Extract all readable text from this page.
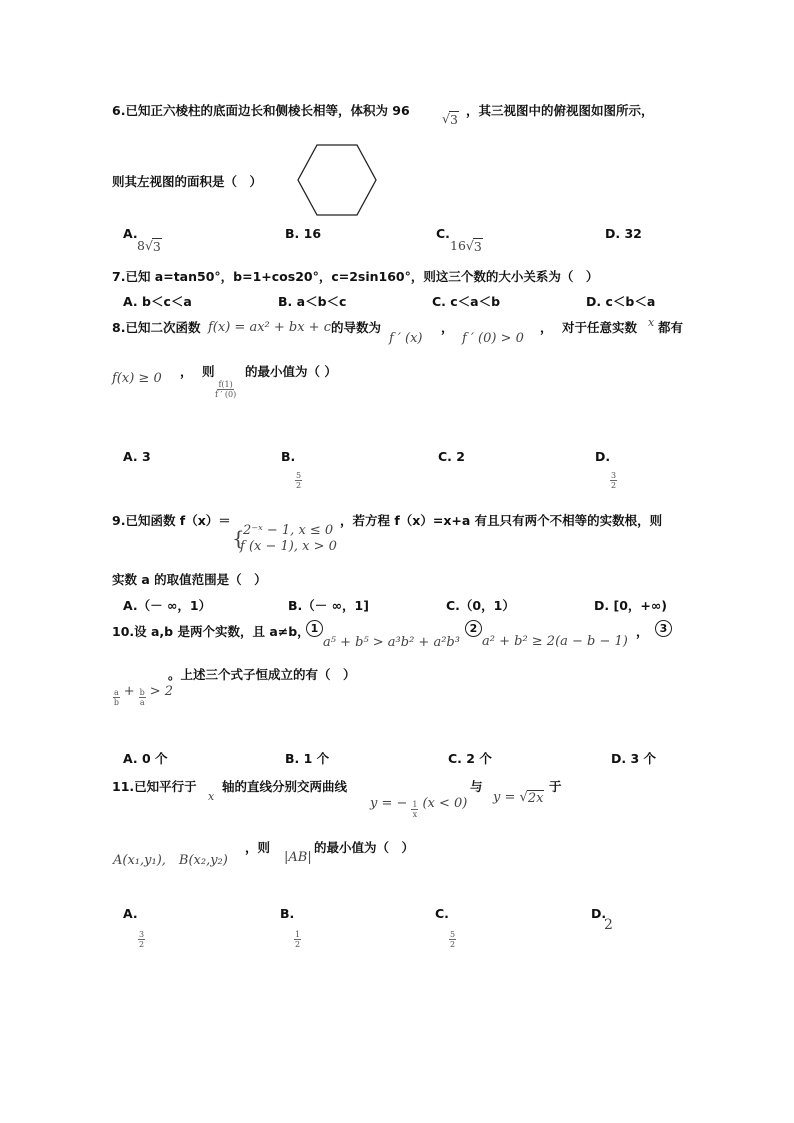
6.已知正六棱柱的底面边长和侧棱长相等，体积为 96
√ 3
，其三视图中的俯视图如图所示，
则其左视图的面积是（　）
A.
8 √ 3
B. 16	C.
16 √ 3
D. 32
7.已知 a=tan50°，b=1+cos20°，c=2sin160°，则这三个数的大小关系为（　）
A. b＜c＜a	B. a＜b＜c	C. c＜a＜b	D. c＜b＜a
8.已知二次函数 f(x) = ax² + bx + c 的导数为
f ′ (x)
，
f ′ (0) > 0
， 对于任意实数 x 都有
f(x) ≥ 0 ， 则
$\frac{f(1)}{f ' (0)}$
的最小值为（ ）
A. 3	B.
$\frac{5}{2}$
C. 2	D.
$\frac{3}{2}$
9.已知函数 f（x）＝
{
2⁻ˣ − 1, x ≤ 0
f (x − 1), x > 0
，若方程 f（x）=x+a 有且只有两个不相等的实数根，则
实数 a 的取值范围是（　）
A.（－ ∞，1）	B.（－ ∞，1]	C.（0，1）	D. [0，+∞)
10.设 a,b 是两个实数，且 a≠b， 1
a⁵ + b⁵ > a³b² + a²b³
2
a² + b² ≥ 2(a − b − 1)
，	3
$\frac{a}{b} + \frac{b}{a} > 2$
。上述三个式子恒成立的有（　）
A. 0 个	B. 1 个	C. 2 个	D. 3 个
11.已知平行于
x
轴的直线分别交两曲线
y = − $\frac{1}{x} (x < 0)$
与
y = √ 2x
于
A(x₁,y₁),　B(x₂,y₂)
，则
|AB|
的最小值为（　）
A.
$\frac{3}{2}$
B.
$\frac{1}{2}$
C.
$\frac{5}{2}$
D.
2
